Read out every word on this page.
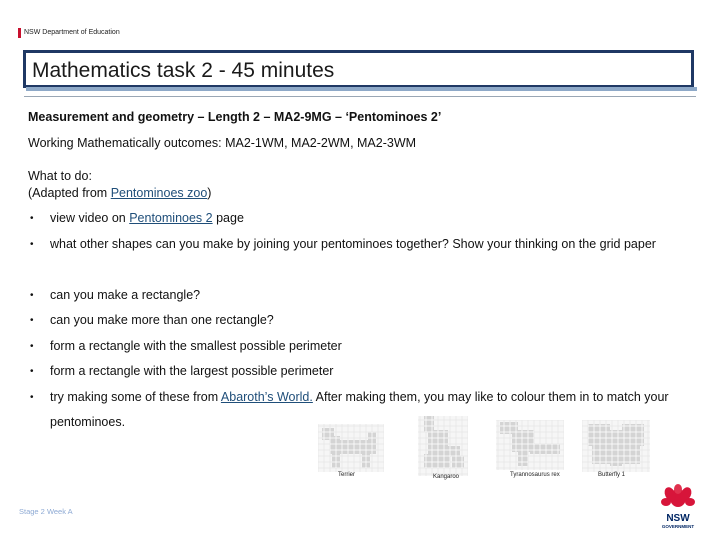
NSW Department of Education
Mathematics task 2 - 45 minutes
Measurement and geometry – Length 2 – MA2-9MG – ‘Pentominoes 2’
Working Mathematically outcomes: MA2-1WM, MA2-2WM, MA2-3WM
What to do:
(Adapted from Pentominoes zoo)
• view video on Pentominoes 2 page
• what other shapes can you make by joining your pentominoes together? Show your thinking on the grid paper
• can you make a rectangle?
• can you make more than one rectangle?
• form a rectangle with the smallest possible perimeter
• form a rectangle with the largest possible perimeter
• try making some of these from Abaroth’s World. After making them, you may like to colour them in to match your pentominoes.
Terrier	Kangaroo	Tyrannosaurus rex	Butterfly 1
Stage 2 Week A
NSW
GOVERNMENT
